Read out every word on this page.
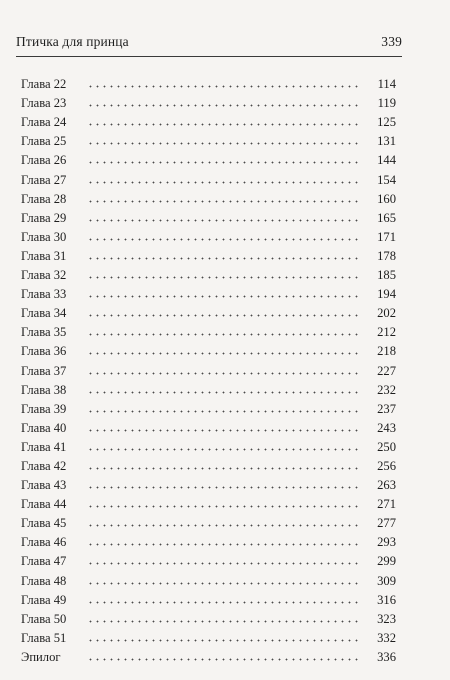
Птичка для принца	339
Глава 22	114
Глава 23	119
Глава 24	125
Глава 25	131
Глава 26	144
Глава 27	154
Глава 28	160
Глава 29	165
Глава 30	171
Глава 31	178
Глава 32	185
Глава 33	194
Глава 34	202
Глава 35	212
Глава 36	218
Глава 37	227
Глава 38	232
Глава 39	237
Глава 40	243
Глава 41	250
Глава 42	256
Глава 43	263
Глава 44	271
Глава 45	277
Глава 46	293
Глава 47	299
Глава 48	309
Глава 49	316
Глава 50	323
Глава 51	332
Эпилог	336
